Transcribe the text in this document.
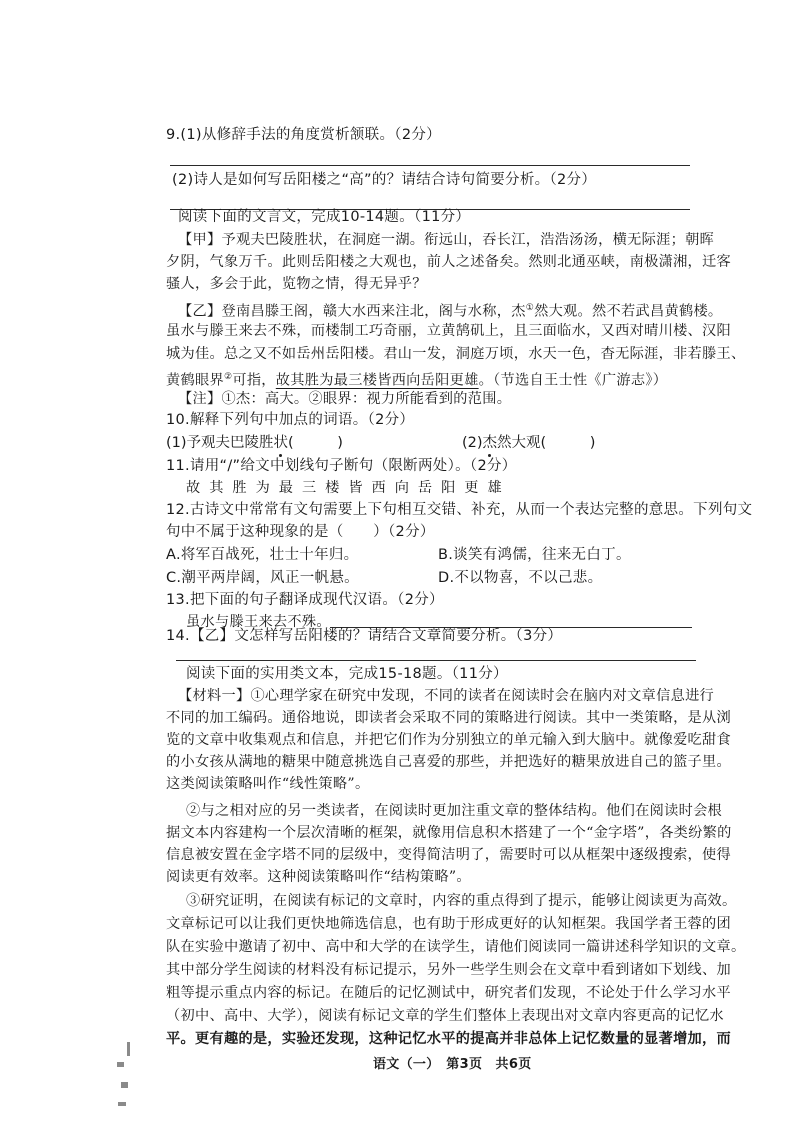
9.(1)从修辞手法的角度赏析颔联。（2分）
(2)诗人是如何写岳阳楼之“高”的？请结合诗句简要分析。（2分）
阅读下面的文言文，完成10-14题。（11分）
【甲】予观夫巴陵胜状，在洞庭一湖。衔远山，吞长江，浩浩汤汤，横无际涯；朝晖
夕阴，气象万千。此则岳阳楼之大观也，前人之述备矣。然则北通巫峡，南极潇湘，迁客
骚人，多会于此，览物之情，得无异乎？
【乙】登南昌滕王阁，赣大水西来注北，阁与水称，杰①然大观。然不若武昌黄鹤楼。
虽水与滕王来去不殊，而楼制工巧奇丽，立黄鹄矶上，且三面临水，又西对晴川楼、汉阳
城为佳。总之又不如岳州岳阳楼。君山一发，洞庭万顷，水天一色，杳无际涯，非若滕王、
黄鹤眼界②可指，故其胜为最三楼皆西向岳阳更雄。（节选自王士性《广游志》）
【注】①杰：高大。②眼界：视力所能看到的范围。
10.解释下列句中加点的词语。（2分）
(1)予观夫巴陵胜状(　　　)	(2)杰然大观(　　　)
11.请用“/”给文中划线句子断句（限断两处）。（2分）
故其胜为最三楼皆西向岳阳更雄
12.古诗文中常常有文句需要上下句相互交错、补充，从而一个表达完整的意思。下列句文
句中不属于这种现象的是（　　）（2分）
A.将军百战死，壮士十年归。	B.谈笑有鸿儒，往来无白丁。
C.潮平两岸阔，风正一帆悬。	D.不以物喜，不以己悲。
13.把下面的句子翻译成现代汉语。（2分）
虽水与滕王来去不殊。
14.【乙】文怎样写岳阳楼的？请结合文章简要分析。（3分）
阅读下面的实用类文本，完成15-18题。（11分）
【材料一】①心理学家在研究中发现，不同的读者在阅读时会在脑内对文章信息进行
不同的加工编码。通俗地说，即读者会采取不同的策略进行阅读。其中一类策略，是从浏
览的文章中收集观点和信息，并把它们作为分别独立的单元输入到大脑中。就像爱吃甜食
的小女孩从满地的糖果中随意挑选自己喜爱的那些，并把选好的糖果放进自己的篮子里。
这类阅读策略叫作“线性策略”。
②与之相对应的另一类读者，在阅读时更加注重文章的整体结构。他们在阅读时会根
据文本内容建构一个层次清晰的框架，就像用信息积木搭建了一个“金字塔”，各类纷繁的
信息被安置在金字塔不同的层级中，变得简洁明了，需要时可以从框架中逐级搜索，使得
阅读更有效率。这种阅读策略叫作“结构策略”。
③研究证明，在阅读有标记的文章时，内容的重点得到了提示，能够让阅读更为高效。
文章标记可以让我们更快地筛选信息，也有助于形成更好的认知框架。我国学者王蓉的团
队在实验中邀请了初中、高中和大学的在读学生，请他们阅读同一篇讲述科学知识的文章。
其中部分学生阅读的材料没有标记提示，另外一些学生则会在文章中看到诸如下划线、加
粗等提示重点内容的标记。在随后的记忆测试中，研究者们发现，不论处于什么学习水平
（初中、高中、大学），阅读有标记文章的学生们整体上表现出对文章内容更高的记忆水
平。更有趣的是，实验还发现，这种记忆水平的提高并非总体上记忆数量的显著增加，而
语文（一）　第3页　共6页
